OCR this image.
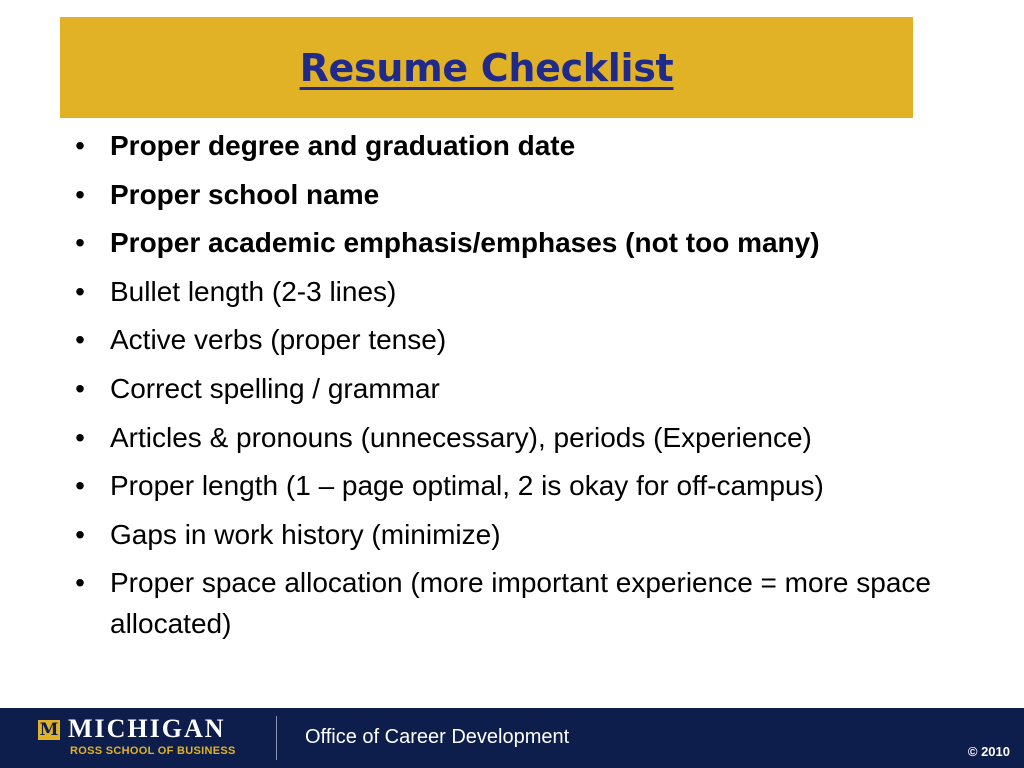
Resume Checklist
• Proper degree and graduation date
• Proper school name
• Proper academic emphasis/emphases (not too many)
• Bullet length (2-3 lines)
• Active verbs (proper tense)
• Correct spelling / grammar
• Articles & pronouns (unnecessary), periods (Experience)
• Proper length (1 – page optimal, 2 is okay for off-campus)
• Gaps in work history (minimize)
• Proper space allocation (more important experience = more space allocated)
M MICHIGAN
ROSS SCHOOL OF BUSINESS
Office of Career Development
© 2010
